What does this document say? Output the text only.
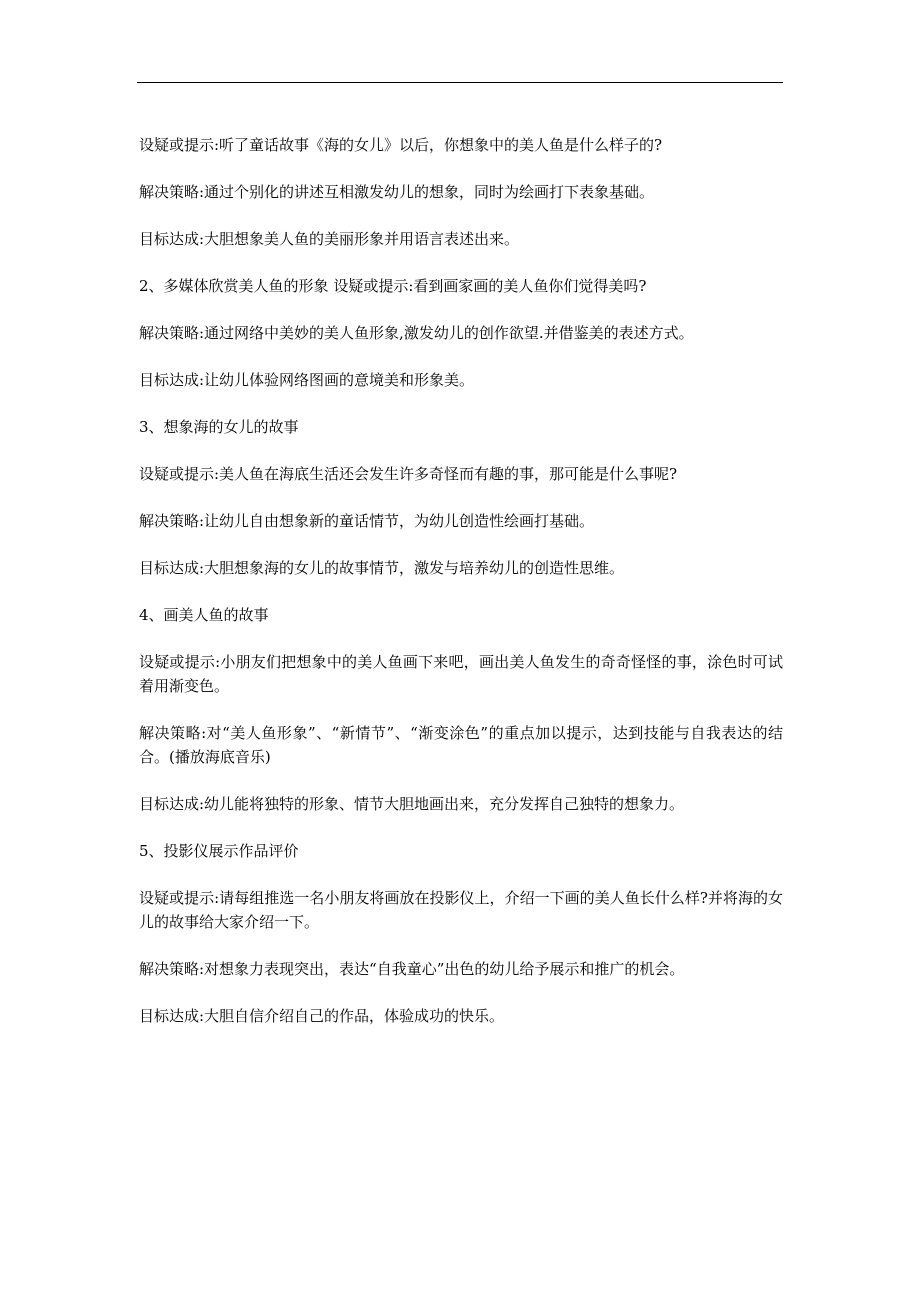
设疑或提示:听了童话故事《海的女儿》以后，你想象中的美人鱼是什么样子的?

解决策略:通过个别化的讲述互相激发幼儿的想象，同时为绘画打下表象基础。

目标达成:大胆想象美人鱼的美丽形象并用语言表述出来。

2、多媒体欣赏美人鱼的形象 设疑或提示:看到画家画的美人鱼你们觉得美吗?

解决策略:通过网络中美妙的美人鱼形象,激发幼儿的创作欲望.并借鉴美的表述方式。

目标达成:让幼儿体验网络图画的意境美和形象美。

3、想象海的女儿的故事

设疑或提示:美人鱼在海底生活还会发生许多奇怪而有趣的事，那可能是什么事呢?

解决策略:让幼儿自由想象新的童话情节，为幼儿创造性绘画打基础。

目标达成:大胆想象海的女儿的故事情节，激发与培养幼儿的创造性思维。

4、画美人鱼的故事

设疑或提示:小朋友们把想象中的美人鱼画下来吧，画出美人鱼发生的奇奇怪怪的事，涂色时可试着用渐变色。

解决策略:对“美人鱼形象”、“新情节”、“渐变涂色”的重点加以提示，达到技能与自我表达的结合。(播放海底音乐)

目标达成:幼儿能将独特的形象、情节大胆地画出来，充分发挥自己独特的想象力。

5、投影仪展示作品评价

设疑或提示:请每组推选一名小朋友将画放在投影仪上，介绍一下画的美人鱼长什么样?并将海的女儿的故事给大家介绍一下。

解决策略:对想象力表现突出，表达“自我童心”出色的幼儿给予展示和推广的机会。

目标达成:大胆自信介绍自己的作品，体验成功的快乐。
